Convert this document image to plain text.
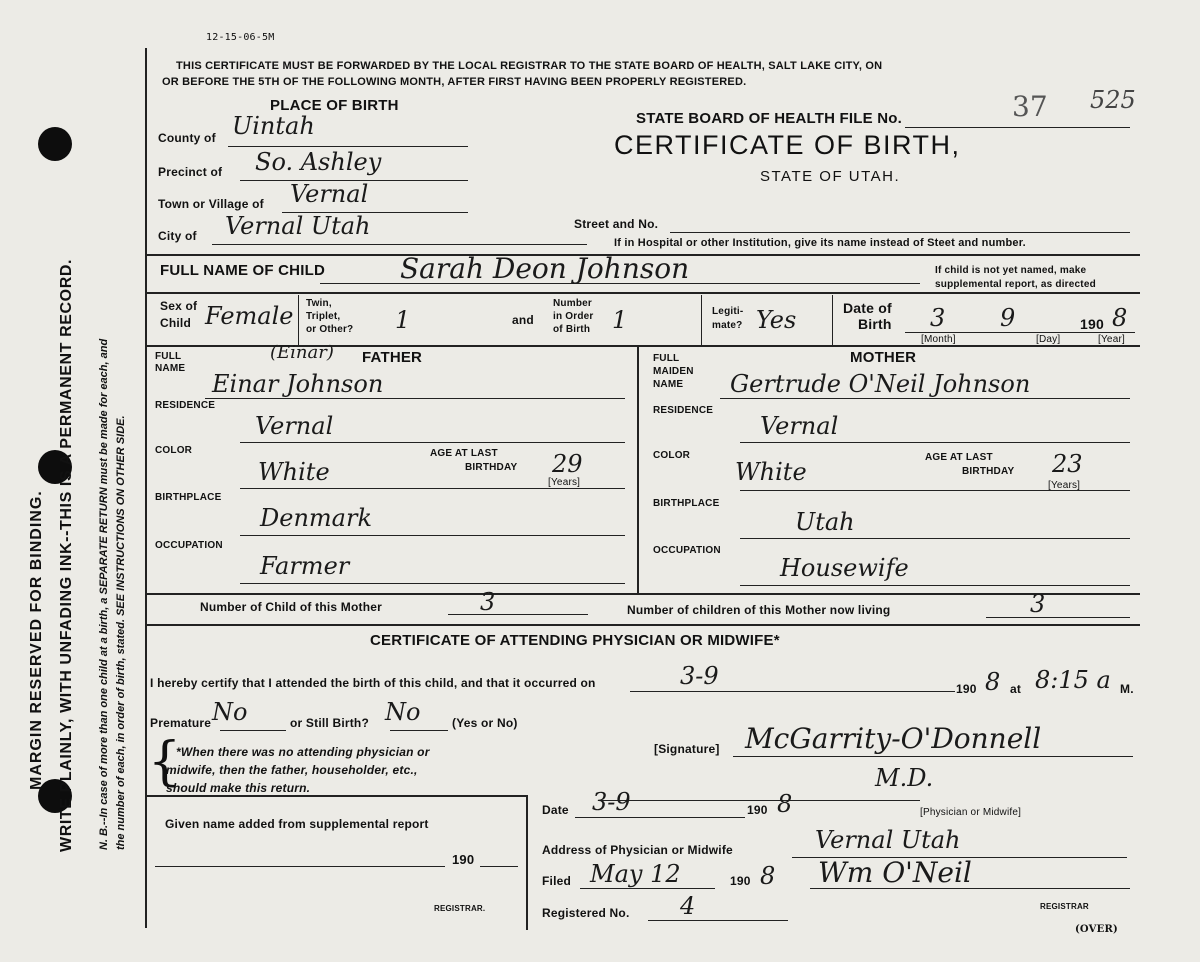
MARGIN RESERVED FOR BINDING. WRITE PLAINLY, WITH UNFADING INK--THIS IS A PERMANENT RECORD. N. B.--In case of more than one child at a birth, a SEPARATE RETURN must be made for each, and the number of each, in order of birth, stated. SEE INSTRUCTIONS ON OTHER SIDE.
12-15-06-5M
THIS CERTIFICATE MUST BE FORWARDED BY THE LOCAL REGISTRAR TO THE STATE BOARD OF HEALTH, SALT LAKE CITY, ON
OR BEFORE THE 5TH OF THE FOLLOWING MONTH, AFTER FIRST HAVING BEEN PROPERLY REGISTERED.
PLACE OF BIRTH
County of Uintah
Precinct of So. Ashley
Town or Village of Vernal
City of Vernal Utah
STATE BOARD OF HEALTH FILE No.	37 525
CERTIFICATE OF BIRTH,
STATE OF UTAH.
Street and No.
If in Hospital or other Institution, give its name instead of Steet and number.
FULL NAME OF CHILD	Sarah Deon Johnson	If child is not yet named, make
supplemental report, as directed
Sex of
Child Female Twin,
Triplet,
or Other? 1	and
Number
in Order
of Birth 1	Legiti-
mate? Yes	Date of
Birth 3 9	190 8
[Month]	[Day]	[Year]
FULL
NAME
FATHER
(Einar)
Einar Johnson
RESIDENCE
Vernal
COLOR	AGE AT LAST
BIRTHDAY 29
[Years]
White
BIRTHPLACE
Denmark
OCCUPATION
Farmer
FULL
MAIDEN
NAME
MOTHER
Gertrude O'Neil Johnson
RESIDENCE
Vernal
COLOR	AGE AT LAST
BIRTHDAY 23
[Years]
White
BIRTHPLACE
Utah
OCCUPATION
Housewife
Number of Child of this Mother	3	Number of children of this Mother now living	3
CERTIFICATE OF ATTENDING PHYSICIAN OR MIDWIFE*
I hereby certify that I attended the birth of this child, and that it occurred on	3-9	190 8 at 8:15 a M.
Premature No	or Still Birth? No	(Yes or No)
{
*When there was no attending physician or
midwife, then the father, householder, etc.,
should make this return.
[Signature] McGarrity-O'Donnell
M.D.
[Physician or Midwife]
Given name added from supplemental report
190
REGISTRAR.
Date 3-9	190 8
Address of Physician or Midwife	Vernal Utah
Filed May 12	190 8 Wm O'Neil
Registered No. 4	REGISTRAR
(OVER)
